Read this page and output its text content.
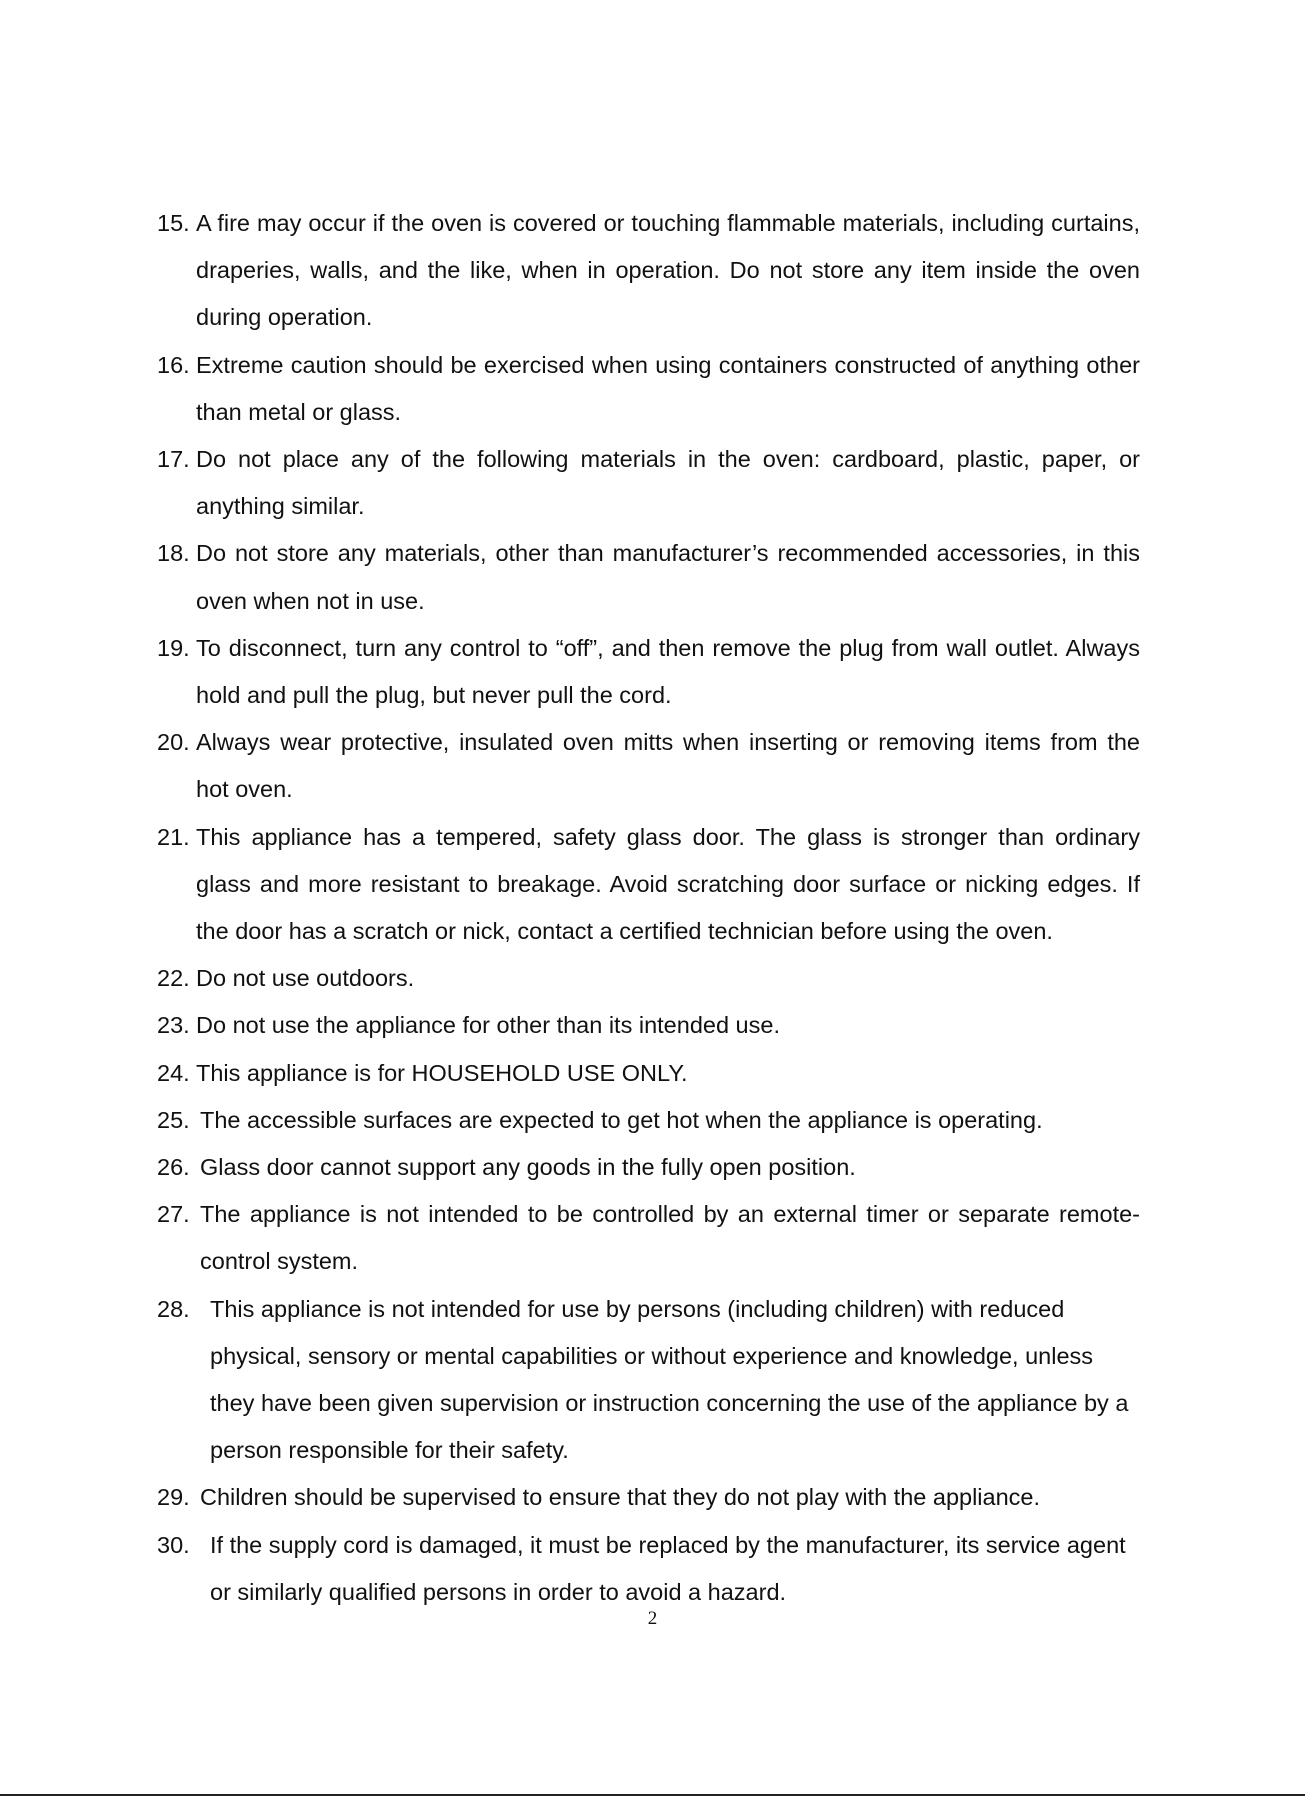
15. A fire may occur if the oven is covered or touching flammable materials, including curtains, draperies, walls, and the like, when in operation. Do not store any item inside the oven during operation.
16. Extreme caution should be exercised when using containers constructed of anything other than metal or glass.
17. Do not place any of the following materials in the oven: cardboard, plastic, paper, or anything similar.
18. Do not store any materials, other than manufacturer’s recommended accessories, in this oven when not in use.
19. To disconnect, turn any control to “off”, and then remove the plug from wall outlet. Always hold and pull the plug, but never pull the cord.
20. Always wear protective, insulated oven mitts when inserting or removing items from the hot oven.
21. This appliance has a tempered, safety glass door. The glass is stronger than ordinary glass and more resistant to breakage. Avoid scratching door surface or nicking edges. If the door has a scratch or nick, contact a certified technician before using the oven.
22. Do not use outdoors.
23. Do not use the appliance for other than its intended use.
24. This appliance is for HOUSEHOLD USE ONLY.
25. The accessible surfaces are expected to get hot when the appliance is operating.
26. Glass door cannot support any goods in the fully open position.
27. The appliance is not intended to be controlled by an external timer or separate remote-control system.
28. This appliance is not intended for use by persons (including children) with reduced physical, sensory or mental capabilities or without experience and knowledge, unless they have been given supervision or instruction concerning the use of the appliance by a person responsible for their safety.
29. Children should be supervised to ensure that they do not play with the appliance.
30. If the supply cord is damaged, it must be replaced by the manufacturer, its service agent or similarly qualified persons in order to avoid a hazard.
2
